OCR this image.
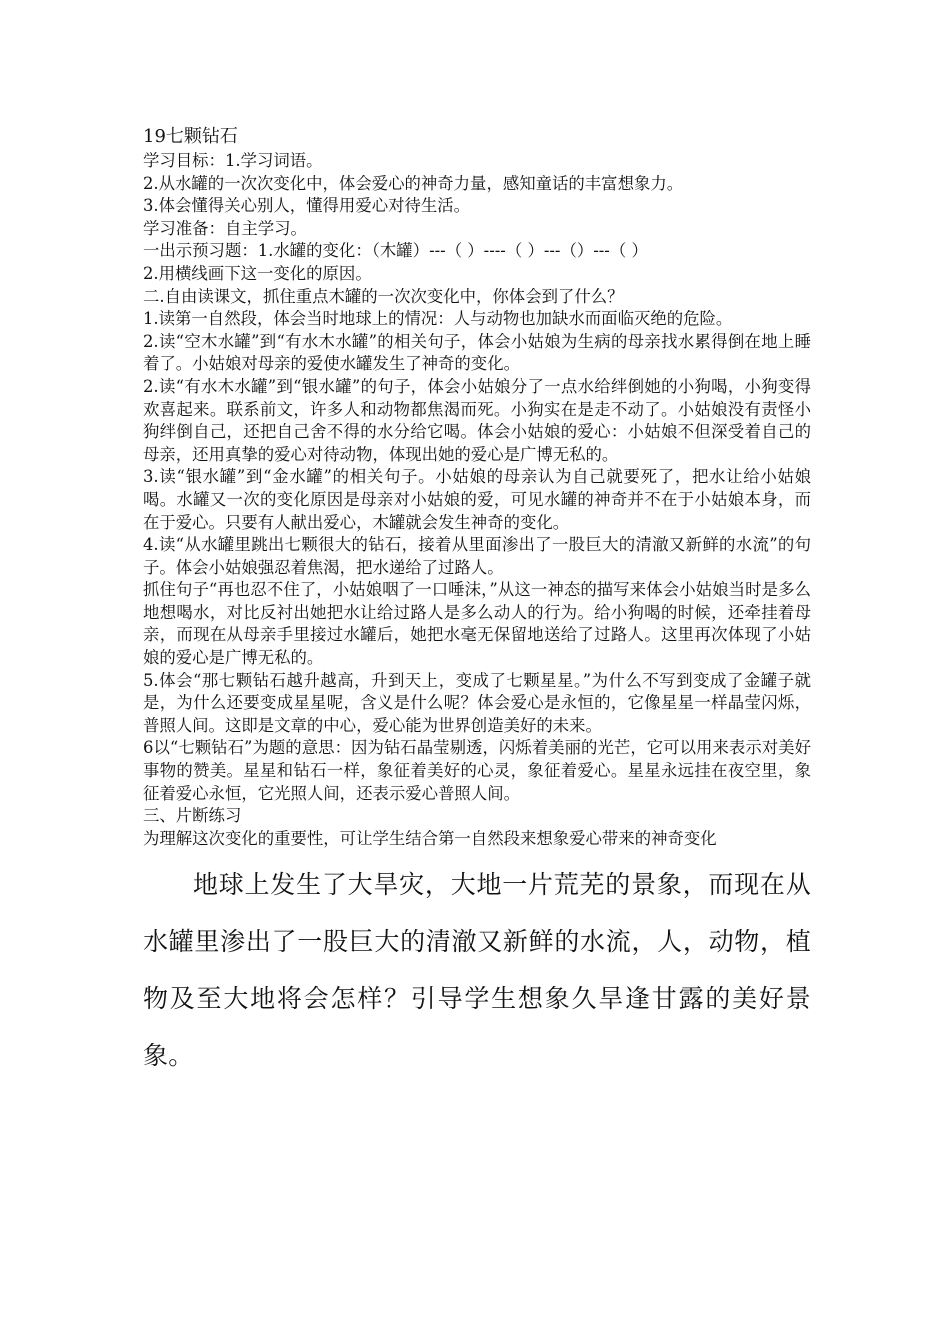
19七颗钻石

学习目标：1.学习词语。

2.从水罐的一次次变化中，体会爱心的神奇力量，感知童话的丰富想象力。

3.体会懂得关心别人，懂得用爱心对待生活。

学习准备：自主学习。

一出示预习题：1.水罐的变化：（木罐）---（ ）----（ ）---（）---（ ）

2.用横线画下这一变化的原因。

二.自由读课文，抓住重点木罐的一次次变化中，你体会到了什么？

1.读第一自然段，体会当时地球上的情况：人与动物也加缺水而面临灭绝的危险。

2.读“空木水罐”到“有水木水罐”的相关句子，体会小姑娘为生病的母亲找水累得倒在地上睡着了。小姑娘对母亲的爱使水罐发生了神奇的变化。

2.读“有水木水罐”到“银水罐”的句子，体会小姑娘分了一点水给绊倒她的小狗喝，小狗变得欢喜起来。联系前文，许多人和动物都焦渴而死。小狗实在是走不动了。小姑娘没有责怪小狗绊倒自己，还把自己舍不得的水分给它喝。体会小姑娘的爱心：小姑娘不但深受着自己的母亲，还用真挚的爱心对待动物，体现出她的爱心是广博无私的。

3.读“银水罐”到“金水罐”的相关句子。小姑娘的母亲认为自己就要死了，把水让给小姑娘喝。水罐又一次的变化原因是母亲对小姑娘的爱，可见水罐的神奇并不在于小姑娘本身，而在于爱心。只要有人献出爱心，木罐就会发生神奇的变化。

4.读“从水罐里跳出七颗很大的钻石，接着从里面渗出了一股巨大的清澈又新鲜的水流”的句子。体会小姑娘强忍着焦渴，把水递给了过路人。

抓住句子“再也忍不住了，小姑娘咽了一口唾沫，”从这一神态的描写来体会小姑娘当时是多么地想喝水，对比反衬出她把水让给过路人是多么动人的行为。给小狗喝的时候，还牵挂着母亲，而现在从母亲手里接过水罐后，她把水毫无保留地送给了过路人。这里再次体现了小姑娘的爱心是广博无私的。

5.体会“那七颗钻石越升越高，升到天上，变成了七颗星星。”为什么不写到变成了金罐子就是，为什么还要变成星星呢，含义是什么呢？体会爱心是永恒的，它像星星一样晶莹闪烁，普照人间。这即是文章的中心，爱心能为世界创造美好的未来。

6以“七颗钻石”为题的意思：因为钻石晶莹剔透，闪烁着美丽的光芒，它可以用来表示对美好事物的赞美。星星和钻石一样，象征着美好的心灵，象征着爱心。星星永远挂在夜空里，象征着爱心永恒，它光照人间，还表示爱心普照人间。

三、片断练习

为理解这次变化的重要性，可让学生结合第一自然段来想象爱心带来的神奇变化

地球上发生了大旱灾，大地一片荒芜的景象，而现在从水罐里渗出了一股巨大的清澈又新鲜的水流，人，动物，植物及至大地将会怎样？引导学生想象久旱逢甘露的美好景象。
